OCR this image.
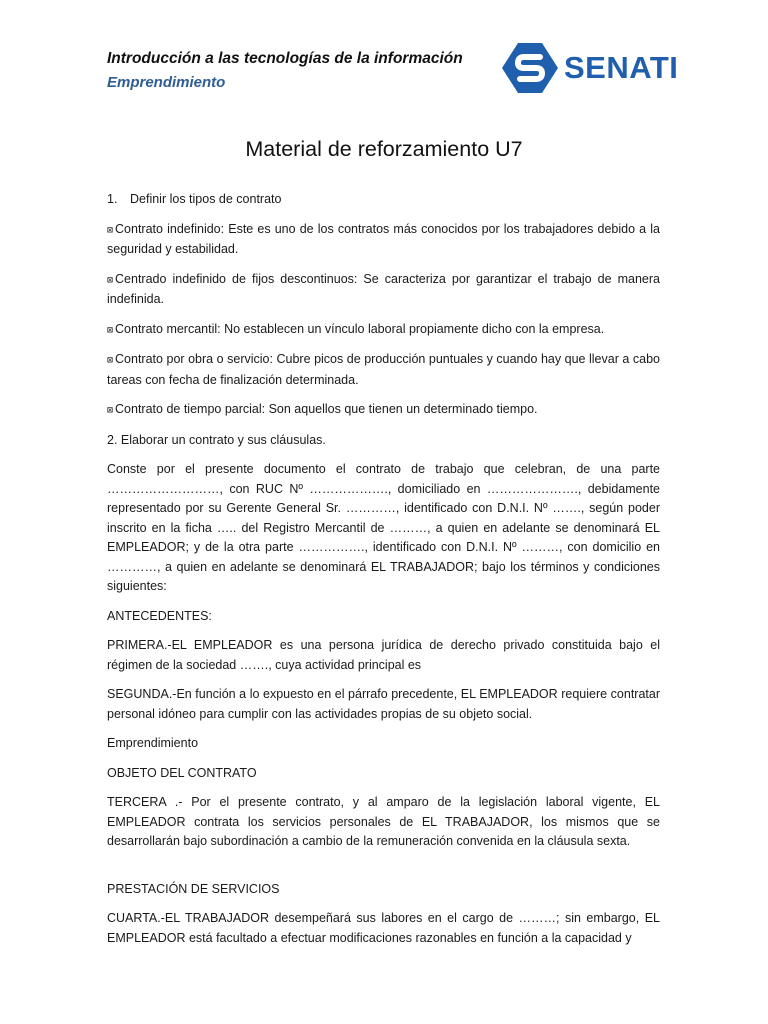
Introducción a las tecnologías de la información
Emprendimiento	SENATI
Material de reforzamiento U7

1. Definir los tipos de contrato

⊠ Contrato indefinido: Este es uno de los contratos más conocidos por los trabajadores debido a la seguridad y estabilidad.

⊠ Centrado indefinido de fijos descontinuos: Se caracteriza por garantizar el trabajo de manera indefinida.

⊠ Contrato mercantil: No establecen un vínculo laboral propiamente dicho con la empresa.

⊠ Contrato por obra o servicio: Cubre picos de producción puntuales y cuando hay que llevar a cabo tareas con fecha de finalización determinada.

⊠ Contrato de tiempo parcial: Son aquellos que tienen un determinado tiempo.

2. Elaborar un contrato y sus cláusulas.

Conste por el presente documento el contrato de trabajo que celebran, de una parte ………………………, con RUC Nº ………………., domiciliado en …………………., debidamente representado por su Gerente General Sr. …………, identificado con D.N.I. Nº ……., según poder inscrito en la ficha ….. del Registro Mercantil de ………, a quien en adelante se denominará EL EMPLEADOR; y de la otra parte ……………., identificado con D.N.I. Nº ………, con domicilio en …………, a quien en adelante se denominará EL TRABAJADOR; bajo los términos y condiciones siguientes:

ANTECEDENTES:

PRIMERA.-EL EMPLEADOR es una persona jurídica de derecho privado constituida bajo el régimen de la sociedad ……., cuya actividad principal es

SEGUNDA.-En función a lo expuesto en el párrafo precedente, EL EMPLEADOR requiere contratar personal idóneo para cumplir con las actividades propias de su objeto social.

Emprendimiento

OBJETO DEL CONTRATO

TERCERA .- Por el presente contrato, y al amparo de la legislación laboral vigente, EL EMPLEADOR contrata los servicios personales de EL TRABAJADOR, los mismos que se desarrollarán bajo subordinación a cambio de la remuneración convenida en la cláusula sexta.

PRESTACIÓN DE SERVICIOS

CUARTA.-EL TRABAJADOR desempeñará sus labores en el cargo de ………; sin embargo, EL EMPLEADOR está facultado a efectuar modificaciones razonables en función a la capacidad y
